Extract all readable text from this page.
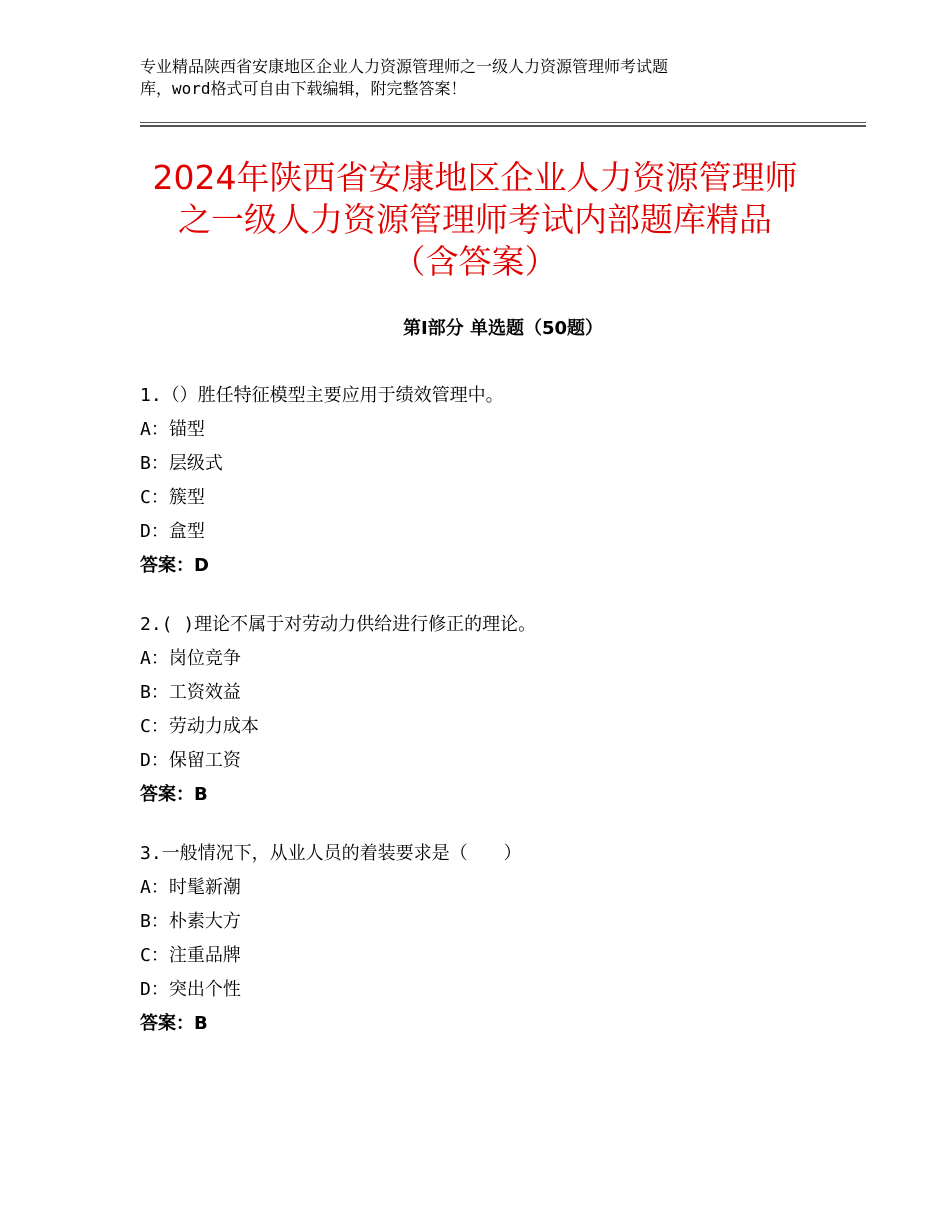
专业精品陕西省安康地区企业人力资源管理师之一级人力资源管理师考试题
库，word格式可自由下载编辑，附完整答案！
2024年陕西省安康地区企业人力资源管理师
之一级人力资源管理师考试内部题库精品
（含答案）
第Ⅰ部分 单选题（50题）
1.（）胜任特征模型主要应用于绩效管理中。
A：锚型
B：层级式
C：簇型
D：盒型
答案：D
2.( )理论不属于对劳动力供给进行修正的理论。
A：岗位竞争
B：工资效益
C：劳动力成本
D：保留工资
答案：B
3.一般情况下，从业人员的着装要求是（　　）
A：时髦新潮
B：朴素大方
C：注重品牌
D：突出个性
答案：B
